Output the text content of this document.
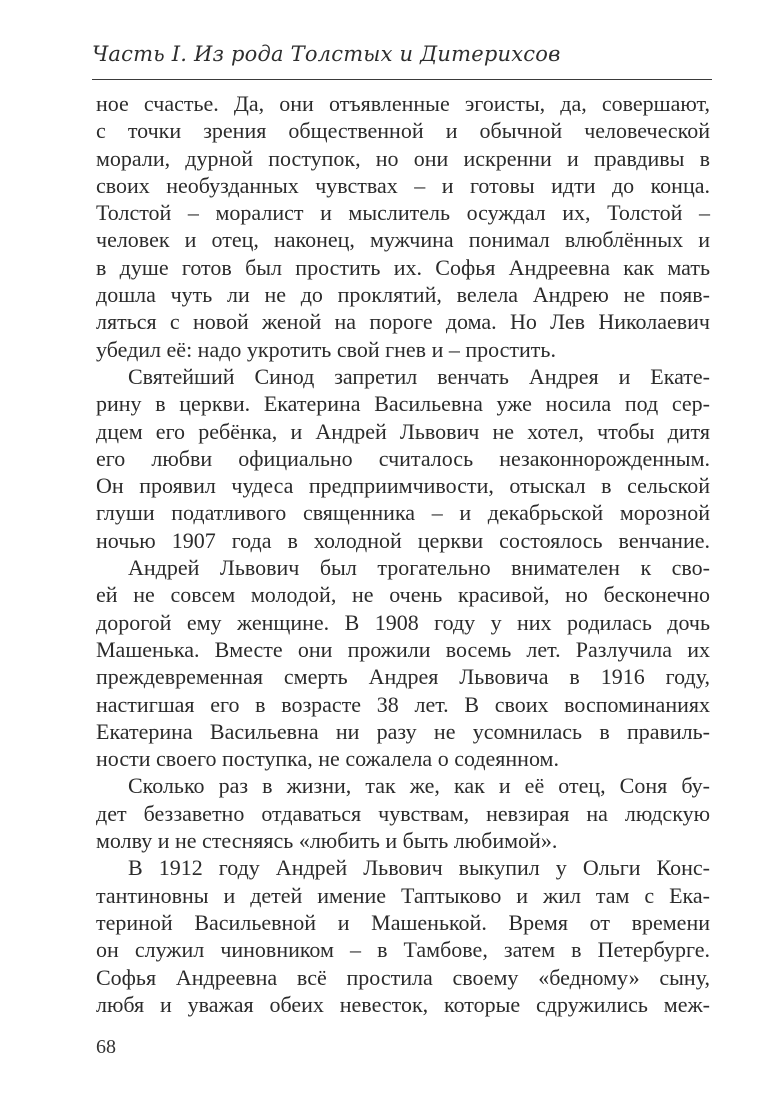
Часть I. Из рода Толстых и Дитерихсов

ное счастье. Да, они отъявленные эгоисты, да, совершают,
с точки зрения общественной и обычной человеческой
морали, дурной поступок, но они искренни и правдивы в
своих необузданных чувствах – и готовы идти до конца.
Толстой – моралист и мыслитель осуждал их, Толстой –
человек и отец, наконец, мужчина понимал влюблённых и
в душе готов был простить их. Софья Андреевна как мать
дошла чуть ли не до проклятий, велела Андрею не появ-
ляться с новой женой на пороге дома. Но Лев Николаевич
убедил её: надо укротить свой гнев и – простить.

Святейший Синод запретил венчать Андрея и Екате-
рину в церкви. Екатерина Васильевна уже носила под сер-
дцем его ребёнка, и Андрей Львович не хотел, чтобы дитя
его любви официально считалось незаконнорожденным.
Он проявил чудеса предприимчивости, отыскал в сельской
глуши податливого священника – и декабрьской морозной
ночью 1907 года в холодной церкви состоялось венчание.

Андрей Львович был трогательно внимателен к сво-
ей не совсем молодой, не очень красивой, но бесконечно
дорогой ему женщине. В 1908 году у них родилась дочь
Машенька. Вместе они прожили восемь лет. Разлучила их
преждевременная смерть Андрея Львовича в 1916 году,
настигшая его в возрасте 38 лет. В своих воспоминаниях
Екатерина Васильевна ни разу не усомнилась в правиль-
ности своего поступка, не сожалела о содеянном.

Сколько раз в жизни, так же, как и её отец, Соня бу-
дет беззаветно отдаваться чувствам, невзирая на людскую
молву и не стесняясь «любить и быть любимой».

В 1912 году Андрей Львович выкупил у Ольги Конс-
тантиновны и детей имение Таптыково и жил там с Ека-
териной Васильевной и Машенькой. Время от времени
он служил чиновником – в Тамбове, затем в Петербурге.
Софья Андреевна всё простила своему «бедному» сыну,
любя и уважая обеих невесток, которые сдружились меж-

68
